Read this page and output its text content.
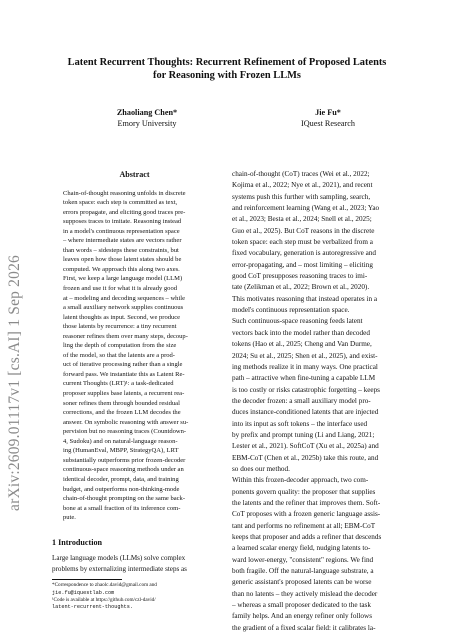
arXiv:2609.01117v1 [cs.AI] 1 Sep 2026
Latent Recurrent Thoughts: Recurrent Refinement of Proposed Latents
for Reasoning with Frozen LLMs
Zhaoliang Chen*
Emory University
Jie Fu*
IQuest Research
Abstract
Chain-of-thought reasoning unfolds in discrete
token space: each step is committed as text,
errors propagate, and eliciting good traces pre-
supposes traces to imitate. Reasoning instead
in a model's continuous representation space
– where intermediate states are vectors rather
than words – sidesteps these constraints, but
leaves open how those latent states should be
computed. We approach this along two axes.
First, we keep a large language model (LLM)
frozen and use it for what it is already good
at – modeling and decoding sequences – while
a small auxiliary network supplies continuous
latent thoughts as input. Second, we produce
those latents by recurrence: a tiny recurrent
reasoner refines them over many steps, decoup-
ling the depth of computation from the size
of the model, so that the latents are a prod-
uct of iterative processing rather than a single
forward pass. We instantiate this as Latent Re-
current Thoughts (LRT)¹: a task-dedicated
proposer supplies base latents, a recurrent rea-
soner refines them through bounded residual
corrections, and the frozen LLM decodes the
answer. On symbolic reasoning with answer su-
pervision but no reasoning traces (Countdown-
4, Sudoku) and on natural-language reason-
ing (HumanEval, MBPP, StrategyQA), LRT
substantially outperforms prior frozen-decoder
continuous-space reasoning methods under an
identical decoder, prompt, data, and training
budget, and outperforms non-thinking-mode
chain-of-thought prompting on the same back-
bone at a small fraction of its inference com-
pute.
1 Introduction
Large language models (LLMs) solve complex
problems by externalizing intermediate steps as
*Correspondence to zhaolc.david@gmail.com and
jie.fu@iquestlab.com
¹Code is available at https://github.com/czl-david/
latent-recurrent-thoughts.
chain-of-thought (CoT) traces (Wei et al., 2022;
Kojima et al., 2022; Nye et al., 2021), and recent
systems push this further with sampling, search,
and reinforcement learning (Wang et al., 2023; Yao
et al., 2023; Besta et al., 2024; Snell et al., 2025;
Guo et al., 2025). But CoT reasons in the discrete
token space: each step must be verbalized from a
fixed vocabulary, generation is autoregressive and
error-propagating, and – most limiting – eliciting
good CoT presupposes reasoning traces to imi-
tate (Zelikman et al., 2022; Brown et al., 2020).
This motivates reasoning that instead operates in a
model's continuous representation space.
Such continuous-space reasoning feeds latent
vectors back into the model rather than decoded
tokens (Hao et al., 2025; Cheng and Van Durme,
2024; Su et al., 2025; Shen et al., 2025), and exist-
ing methods realize it in many ways. One practical
path – attractive when fine-tuning a capable LLM
is too costly or risks catastrophic forgetting – keeps
the decoder frozen: a small auxiliary model pro-
duces instance-conditioned latents that are injected
into its input as soft tokens – the interface used
by prefix and prompt tuning (Li and Liang, 2021;
Lester et al., 2021). SoftCoT (Xu et al., 2025a) and
EBM-CoT (Chen et al., 2025b) take this route, and
so does our method.
Within this frozen-decoder approach, two com-
ponents govern quality: the proposer that supplies
the latents and the refiner that improves them. Soft-
CoT proposes with a frozen generic language assis-
tant and performs no refinement at all; EBM-CoT
keeps that proposer and adds a refiner that descends
a learned scalar energy field, nudging latents to-
ward lower-energy, "consistent" regions. We find
both fragile. Off the natural-language substrate, a
generic assistant's proposed latents can be worse
than no latents – they actively mislead the decoder
– whereas a small proposer dedicated to the task
family helps. And an energy refiner only follows
the gradient of a fixed scalar field: it calibrates la-
